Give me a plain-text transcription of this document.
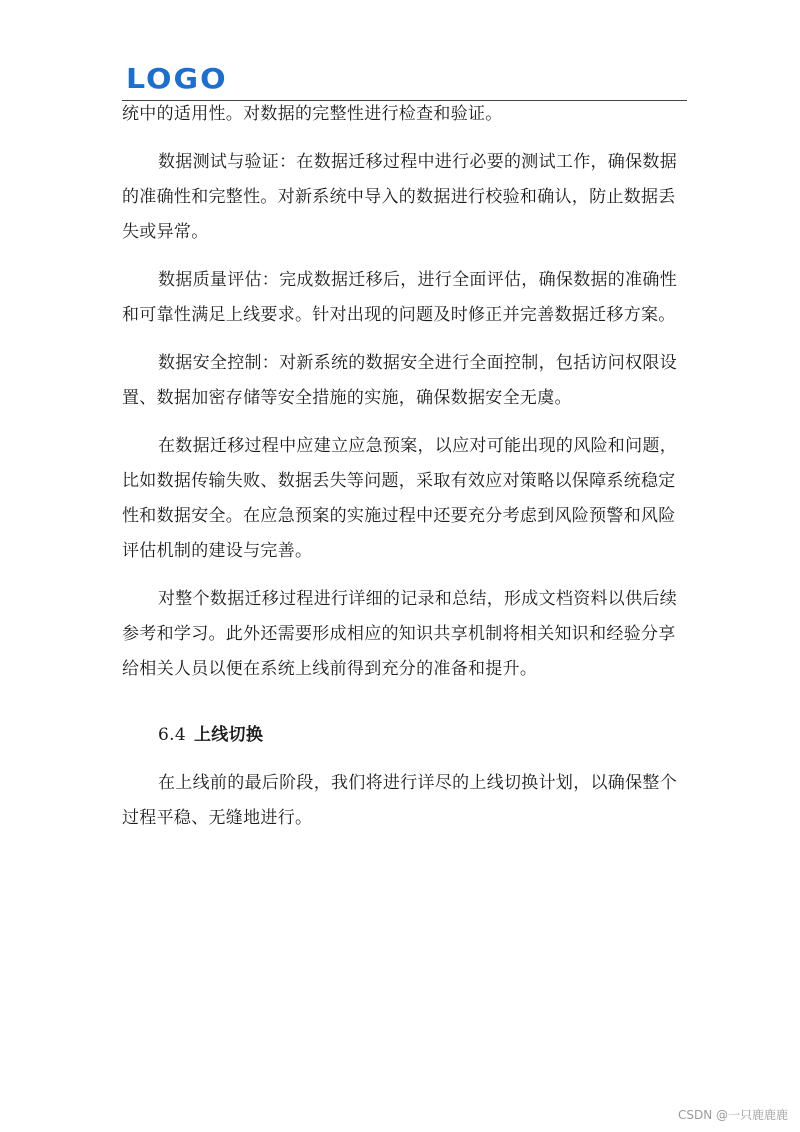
LOGO

统中的适用性。对数据的完整性进行检查和验证。

数据测试与验证：在数据迁移过程中进行必要的测试工作，确保数据的准确性和完整性。对新系统中导入的数据进行校验和确认，防止数据丢失或异常。

数据质量评估：完成数据迁移后，进行全面评估，确保数据的准确性和可靠性满足上线要求。针对出现的问题及时修正并完善数据迁移方案。

数据安全控制：对新系统的数据安全进行全面控制，包括访问权限设置、数据加密存储等安全措施的实施，确保数据安全无虞。

在数据迁移过程中应建立应急预案，以应对可能出现的风险和问题，比如数据传输失败、数据丢失等问题，采取有效应对策略以保障系统稳定性和数据安全。在应急预案的实施过程中还要充分考虑到风险预警和风险评估机制的建设与完善。

对整个数据迁移过程进行详细的记录和总结，形成文档资料以供后续参考和学习。此外还需要形成相应的知识共享机制将相关知识和经验分享给相关人员以便在系统上线前得到充分的准备和提升。

6.4 上线切换

在上线前的最后阶段，我们将进行详尽的上线切换计划，以确保整个过程平稳、无缝地进行。

CSDN @一只鹿鹿鹿
